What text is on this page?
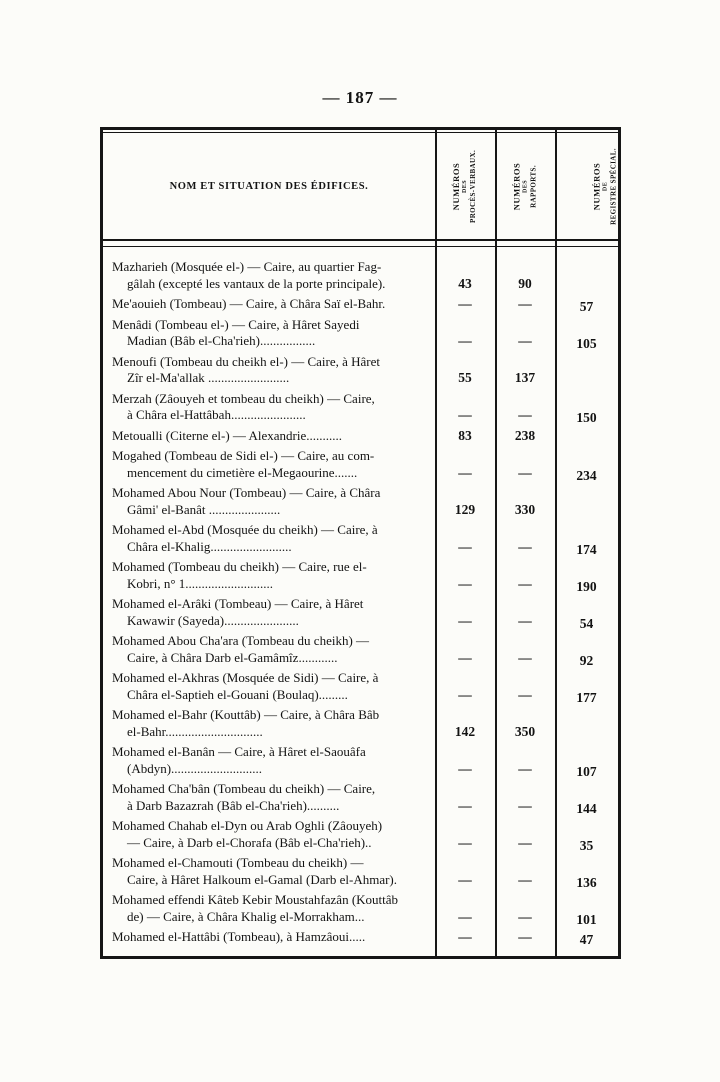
— 187 —
NOM ET SITUATION DES ÉDIFICES.	NUMÉROS DES PROCÈS-VERBAUX.	NUMÉROS DES RAPPORTS.	NUMÉROS DE REGISTRE SPÉCIAL.
Mazharieh (Mosquée el-) — Caire, au quartier Fag-
gâlah (excepté les vantaux de la porte principale).	43	90
Me'aouieh (Tombeau) — Caire, à Châra Saï el-Bahr.	—	—	57
Menâdi (Tombeau el-) — Caire, à Hâret Sayedi
Madian (Bâb el-Cha'rieh).................	—	—	105
Menoufi (Tombeau du cheikh el-) — Caire, à Hâret
Zîr el-Ma'allak .........................	55	137
Merzah (Zâouyeh et tombeau du cheikh) — Caire,
à Châra el-Hattâbah.......................	—	—	150
Metoualli (Citerne el-) — Alexandrie...........	83	238
Mogahed (Tombeau de Sidi el-) — Caire, au com-
mencement du cimetière el-Megaourine.......	—	—	234
Mohamed Abou Nour (Tombeau) — Caire, à Châra
Gâmi' el-Banât ......................	129	330
Mohamed el-Abd (Mosquée du cheikh) — Caire, à
Châra el-Khalig.........................	—	—	174
Mohamed (Tombeau du cheikh) — Caire, rue el-
Kobri, n° 1...........................	—	—	190
Mohamed el-Arâki (Tombeau) — Caire, à Hâret
Kawawir (Sayeda).......................	—	—	54
Mohamed Abou Cha'ara (Tombeau du cheikh) —
Caire, à Châra Darb el-Gamâmîz............	—	—	92
Mohamed el-Akhras (Mosquée de Sidi) — Caire, à
Châra el-Saptieh el-Gouani (Boulaq).........	—	—	177
Mohamed el-Bahr (Kouttâb) — Caire, à Châra Bâb
el-Bahr..............................	142	350
Mohamed el-Banân — Caire, à Hâret el-Saouâfa
(Abdyn)............................	—	—	107
Mohamed Cha'bân (Tombeau du cheikh) — Caire,
à Darb Bazazrah (Bâb el-Cha'rieh)..........	—	—	144
Mohamed Chahab el-Dyn ou Arab Oghli (Zâouyeh)
— Caire, à Darb el-Chorafa (Bâb el-Cha'rieh)..	—	—	35
Mohamed el-Chamouti (Tombeau du cheikh) —
Caire, à Hâret Halkoum el-Gamal (Darb el-Ahmar).	—	—	136
Mohamed effendi Kâteb Kebir Moustahfazân (Kouttâb
de) — Caire, à Châra Khalig el-Morrakham...	—	—	101
Mohamed el-Hattâbi (Tombeau), à Hamzâoui.....	—	—	47
